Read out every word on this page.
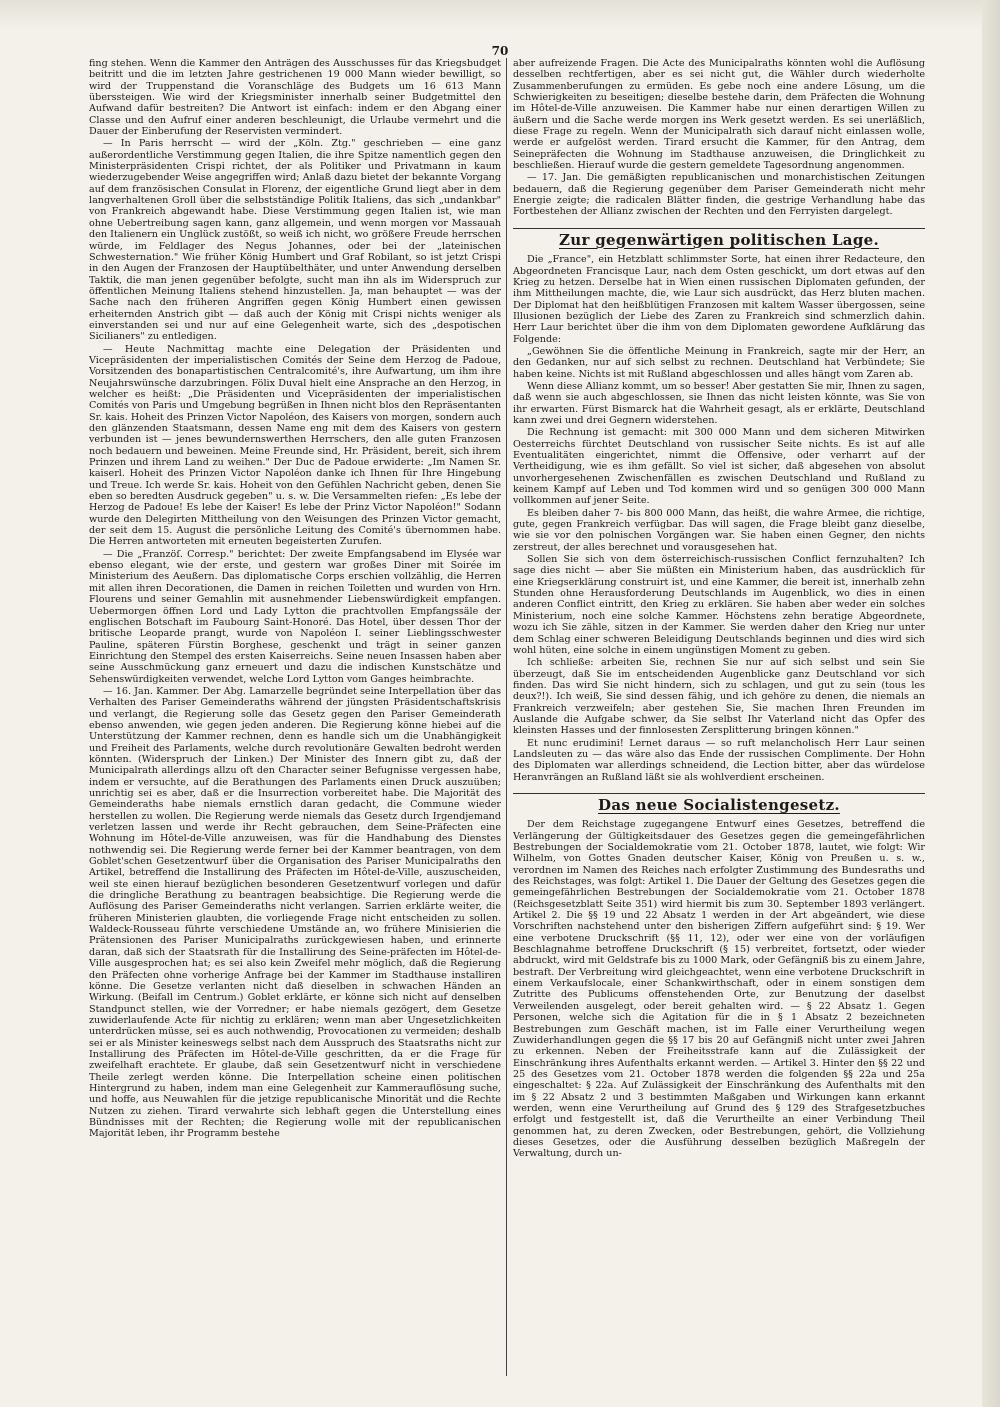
70

fing stehen. Wenn die Kammer den Anträgen des Ausschusses für das Kriegsbudget beitritt und die im letzten Jahre gestrichenen 19 000 Mann wieder bewilligt, so wird der Truppenstand die Voranschläge des Budgets um 16 613 Mann überssteigen. Wie wird der Kriegsminister innerhalb seiner Budgetmittel den Aufwand dafür bestreiten? Die Antwort ist einfach: indem er den Abgang einer Classe und den Aufruf einer anderen beschleunigt, die Urlaube vermehrt und die Dauer der Einberufung der Reservisten vermindert.

— In Paris herrscht — wird der „Köln. Ztg." geschrieben — eine ganz außerordentliche Verstimmung gegen Italien, die ihre Spitze namentlich gegen den Ministerpräsidenten Crispi richtet, der als Politiker und Privatmann in kaum wiederzugebender Weise angegriffen wird; Anlaß dazu bietet der bekannte Vorgang auf dem französischen Consulat in Florenz, der eigentliche Grund liegt aber in dem langverhaltenen Groll über die selbstständige Politik Italiens, das sich „undankbar" von Frankreich abgewandt habe. Diese Verstimmung gegen Italien ist, wie man ohne Uebertreibung sagen kann, ganz allgemein, und wenn morgen vor Massauah den Italienern ein Unglück zustößt, so weiß ich nicht, wo größere Freude herrschen würde, im Feldlager des Negus Johannes, oder bei der „lateinischen Schwesternation." Wie früher König Humbert und Graf Robilant, so ist jetzt Crispi in den Augen der Franzosen der Hauptübelthäter, und unter Anwendung derselben Taktik, die man jenen gegenüber befolgte, sucht man ihn als im Widerspruch zur öffentlichen Meinung Italiens stehend hinzustellen. Ja, man behauptet — was der Sache nach den früheren Angriffen gegen König Humbert einen gewissen erheiternden Anstrich gibt — daß auch der König mit Crispi nichts weniger als einverstanden sei und nur auf eine Gelegenheit warte, sich des „despotischen Sicilianers" zu entledigen.

— Heute Nachmittag machte eine Delegation der Präsidenten und Vicepräsidenten der imperialistischen Comités der Seine dem Herzog de Padoue, Vorsitzenden des bonapartistischen Centralcomité's, ihre Aufwartung, um ihm ihre Neujahrswünsche darzubringen. Fölix Duval hielt eine Ansprache an den Herzog, in welcher es heißt: „Die Präsidenten und Vicepräsidenten der imperialistischen Comités von Paris und Umgebung begrüßen in Ihnen nicht blos den Repräsentanten Sr. kais. Hoheit des Prinzen Victor Napoléon, des Kaisers von morgen, sondern auch den glänzenden Staatsmann, dessen Name eng mit dem des Kaisers von gestern verbunden ist — jenes bewundernswerthen Herrschers, den alle guten Franzosen noch bedauern und beweinen. Meine Freunde sind, Hr. Präsident, bereit, sich ihrem Prinzen und ihrem Land zu weihen." Der Duc de Padoue erwiderte: „Im Namen Sr. kaiserl. Hoheit des Prinzen Victor Napoléon danke ich Ihnen für Ihre Hingebung und Treue. Ich werde Sr. kais. Hoheit von den Gefühlen Nachricht geben, denen Sie eben so beredten Ausdruck gegeben" u. s. w. Die Versammelten riefen: „Es lebe der Herzog de Padoue! Es lebe der Kaiser! Es lebe der Prinz Victor Napoléon!" Sodann wurde den Delegirten Mittheilung von den Weisungen des Prinzen Victor gemacht, der seit dem 15. August die persönliche Leitung des Comité's übernommen habe. Die Herren antworteten mit erneuten begeisterten Zurufen.

— Die „Franzöſ. Corresp." berichtet: Der zweite Empfangsabend im Elysée war ebenso elegant, wie der erste, und gestern war großes Diner mit Soirée im Ministerium des Aeußern. Das diplomatische Corps erschien vollzählig, die Herren mit allen ihren Decorationen, die Damen in reichen Toiletten und wurden von Hrn. Flourens und seiner Gemahlin mit ausnehmender Liebenswürdigkeit empfangen. Uebermorgen öffnen Lord und Lady Lytton die prachtvollen Empfangssäle der englischen Botschaft im Faubourg Saint-Honoré. Das Hotel, über dessen Thor der britische Leoparde prangt, wurde von Napoléon I. seiner Lieblingsschwester Pauline, späteren Fürstin Borghese, geschenkt und trägt in seiner ganzen Einrichtung den Stempel des ersten Kaiserreichs. Seine neuen Insassen haben aber seine Ausschmückung ganz erneuert und dazu die indischen Kunstschätze und Sehenswürdigkeiten verwendet, welche Lord Lytton vom Ganges heimbrachte.

— 16. Jan. Kammer. Der Abg. Lamarzelle begründet seine Interpellation über das Verhalten des Pariser Gemeinderaths während der jüngsten Präsidentschaftskrisis und verlangt, die Regierung solle das Gesetz gegen den Pariser Gemeinderath ebenso anwenden, wie gegen jeden anderen. Die Regierung könne hiebei auf die Unterstützung der Kammer rechnen, denn es handle sich um die Unabhängigkeit und Freiheit des Parlaments, welche durch revolutionäre Gewalten bedroht werden könnten. (Widerspruch der Linken.) Der Minister des Innern gibt zu, daß der Municipalrath allerdings allzu oft den Character seiner Befugnisse vergessen habe, indem er versuchte, auf die Berathungen des Parlaments einen Druck auszuüben; unrichtig sei es aber, daß er die Insurrection vorbereitet habe. Die Majorität des Gemeinderaths habe niemals ernstlich daran gedacht, die Commune wieder herstellen zu wollen. Die Regierung werde niemals das Gesetz durch Irgendjemand verletzen lassen und werde ihr Recht gebrauchen, dem Seine-Präfecten eine Wohnung im Hôtel-de-Ville anzuweisen, was für die Handhabung des Dienstes nothwendig sei. Die Regierung werde ferner bei der Kammer beantragen, von dem Goblet'schen Gesetzentwurf über die Organisation des Pariser Municipalraths den Artikel, betreffend die Installirung des Präfecten im Hôtel-de-Ville, auszuscheiden, weil ste einen hierauf bezüglichen besonderen Gesetzentwurf vorlegen und dafür die dringliche Berathung zu beantragen beabsichtige. Die Regierung werde die Auflösung des Pariser Gemeinderaths nicht verlangen. Sarrien erklärte weiter, die früheren Ministerien glaubten, die vorliegende Frage nicht entscheiden zu sollen. Waldeck-Rousseau führte verschiedene Umstände an, wo frühere Minisierien die Prätensionen des Pariser Municipalraths zurückgewiesen haben, und erinnerte daran, daß sich der Staatsrath für die Installirung des Seine-präfecten im Hôtel-de-Ville ausgesprochen hat; es sei also kein Zweifel mehr möglich, daß die Regierung den Präfecten ohne vorherige Anfrage bei der Kammer im Stadthause installiren könne. Die Gesetze verlanten nicht daß dieselben in schwachen Händen an Wirkung. (Beifall im Centrum.) Goblet erklärte, er könne sich nicht auf denselben Standpunct stellen, wie der Vorredner; er habe niemals gezögert, dem Gesetze zuwiderlaufende Acte für nichtig zu erklären; wenn man aber Ungesetzlichkeiten unterdrücken müsse, sei es auch nothwendig, Provocationen zu vermeiden; deshalb sei er als Minister keineswegs selbst nach dem Ausspruch des Staatsraths nicht zur Installirung des Präfecten im Hôtel-de-Ville geschritten, da er die Frage für zweifelhaft erachtete. Er glaube, daß sein Gesetzentwurf nicht in verschiedene Theile zerlegt werden könne. Die Interpellation scheine einen politischen Hintergrund zu haben, indem man eine Gelegenheit zur Kammerauflösung suche, und hoffe, aus Neuwahlen für die jetzige republicanische Minorität und die Rechte Nutzen zu ziehen. Tirard verwahrte sich lebhaft gegen die Unterstellung eines Bündnisses mit der Rechten; die Regierung wolle mit der republicanischen Majorität leben, ihr Programm bestehe

aber aufreizende Fragen. Die Acte des Municipalraths könnten wohl die Auflösung desselben rechtfertigen, aber es sei nicht gut, die Wähler durch wiederholte Zusammenberufungen zu ermüden. Es gebe noch eine andere Lösung, um die Schwierigkeiten zu beseitigen; dieselbe bestehe darin, dem Präfecten die Wohnung im Hôtel-de-Ville anzuweisen. Die Kammer habe nur einen derartigen Willen zu äußern und die Sache werde morgen ins Werk gesetzt werden. Es sei unerläßlich, diese Frage zu regeln. Wenn der Municipalrath sich darauf nicht einlassen wolle, werde er aufgelöst werden. Tirard ersucht die Kammer, für den Antrag, dem Seinepräfecten die Wohnung im Stadthause anzuweisen, die Dringlichkeit zu beschließen. Hierauf wurde die gestern gemeldete Tagesordnung angenommen.

— 17. Jan. Die gemäßigten republicanischen und monarchistischen Zeitungen bedauern, daß die Regierung gegenüber dem Pariser Gemeinderath nicht mehr Energie zeigte; die radicalen Blätter finden, die gestrige Verhandlung habe das Fortbestehen der Allianz zwischen der Rechten und den Ferryisten dargelegt.

Zur gegenwärtigen politischen Lage.

Die „France", ein Hetzblatt schlimmster Sorte, hat einen ihrer Redacteure, den Abgeordneten Francisque Laur, nach dem Osten geschickt, um dort etwas auf den Krieg zu hetzen. Derselbe hat in Wien einen russischen Diplomaten gefunden, der ihm Mittheilungen machte, die, wie Laur sich ausdrückt, das Herz bluten machen. Der Diplomat hat den heißblütigen Franzosen mit kaltem Wasser übergossen, seine Illusionen bezüglich der Liebe des Zaren zu Frankreich sind schmerzlich dahin. Herr Laur berichtet über die ihm von dem Diplomaten gewordene Aufklärung das Folgende:

„Gewöhnen Sie die öffentliche Meinung in Frankreich, sagte mir der Herr, an den Gedanken, nur auf sich selbst zu rechnen. Deutschland hat Verbündete; Sie haben keine. Nichts ist mit Rußland abgeschlossen und alles hängt vom Zaren ab.

Wenn diese Allianz kommt, um so besser! Aber gestatten Sie mir, Ihnen zu sagen, daß wenn sie auch abgeschlossen, sie Ihnen das nicht leisten könnte, was Sie von ihr erwarten. Fürst Bismarck hat die Wahrheit gesagt, als er erklärte, Deutschland kann zwei und drei Gegnern widerstehen.

Die Rechnung ist gemacht: mit 300 000 Mann und dem sicheren Mitwirken Oesterreichs fürchtet Deutschland von russischer Seite nichts. Es ist auf alle Eventualitäten eingerichtet, nimmt die Offensive, oder verharrt auf der Vertheidigung, wie es ihm gefällt. So viel ist sicher, daß abgesehen von absolut unvorhergesehenen Zwischenfällen es zwischen Deutschland und Rußland zu keinem Kampf auf Leben und Tod kommen wird und so genügen 300 000 Mann vollkommen auf jener Seite.

Es bleiben daher 7- bis 800 000 Mann, das heißt, die wahre Armee, die richtige, gute, gegen Frankreich verfügbar. Das will sagen, die Frage bleibt ganz dieselbe, wie sie vor den polnischen Vorgängen war. Sie haben einen Gegner, den nichts zerstreut, der alles berechnet und vorausgesehen hat.

Sollen Sie sich von dem österreichisch-russischen Conflict fernzuhalten? Ich sage dies nicht — aber Sie müßten ein Ministerium haben, das ausdrücklich für eine Kriegserklärung construirt ist, und eine Kammer, die bereit ist, innerhalb zehn Stunden ohne Herausforderung Deutschlands im Augenblick, wo dies in einen anderen Conflict eintritt, den Krieg zu erklären. Sie haben aber weder ein solches Ministerium, noch eine solche Kammer. Höchstens zehn beratige Abgeordnete, wozu ich Sie zähle, sitzen in der Kammer. Sie werden daher den Krieg nur unter dem Schlag einer schweren Beleidigung Deutschlands beginnen und dies wird sich wohl hüten, eine solche in einem ungünstigen Moment zu geben.

Ich schließe: arbeiten Sie, rechnen Sie nur auf sich selbst und sein Sie überzeugt, daß Sie im entscheidenden Augenblicke ganz Deutschland vor sich finden. Das wird Sie nicht hindern, sich zu schlagen, und gut zu sein (tous les deux?!). Ich weiß, Sie sind dessen fähig, und ich gehöre zu denen, die niemals an Frankreich verzweifeln; aber gestehen Sie, Sie machen Ihren Freunden im Auslande die Aufgabe schwer, da Sie selbst Ihr Vaterland nicht das Opfer des kleinsten Hasses und der finnlosesten Zersplitterung bringen können."

Et nunc erudimini! Lernet daraus — so ruft melancholisch Herr Laur seinen Landsleuten zu — das wäre also das Ende der russischen Complimente. Der Hohn des Diplomaten war allerdings schneidend, die Lection bitter, aber das würdelose Heranvrängen an Rußland läßt sie als wohlverdient erscheinen.

Das neue Socialistengesetz.

Der dem Reichstage zugegangene Entwurf eines Gesetzes, betreffend die Verlängerung der Gültigkeitsdauer des Gesetzes gegen die gemeingefährlichen Bestrebungen der Socialdemokratie vom 21. October 1878, lautet, wie folgt: Wir Wilhelm, von Gottes Gnaden deutscher Kaiser, König von Preußen u. s. w., verordnen im Namen des Reiches nach erfolgter Zustimmung des Bundesraths und des Reichstages, was folgt: Artikel 1. Die Dauer der Geltung des Gesetzes gegen die gemeingefährlichen Bestrebungen der Socialdemokratie vom 21. October 1878 (Reichsgesetzblatt Seite 351) wird hiermit bis zum 30. September 1893 verlängert. Artikel 2. Die §§ 19 und 22 Absatz 1 werden in der Art abgeändert, wie diese Vorschriften nachstehend unter den bisherigen Ziffern aufgeführt sind: § 19. Wer eine verbotene Druckschrift (§§ 11, 12), oder wer eine von der vorläufigen Beschlagnahme betroffene Druckschrift (§ 15) verbreitet, fortsetzt, oder wieder abdruckt, wird mit Geldstrafe bis zu 1000 Mark, oder Gefängniß bis zu einem Jahre, bestraft. Der Verbreitung wird gleichgeachtet, wenn eine verbotene Druckschrift in einem Verkaufslocale, einer Schankwirthschaft, oder in einem sonstigen dem Zutritte des Publicums offenstehenden Orte, zur Benutzung der daselbst Verweilenden ausgelegt, oder bereit gehalten wird. — § 22 Absatz 1. Gegen Personen, welche sich die Agitation für die in § 1 Absatz 2 bezeichneten Bestrebungen zum Geschäft machen, ist im Falle einer Verurtheilung wegen Zuwiderhandlungen gegen die §§ 17 bis 20 auf Gefängniß nicht unter zwei Jahren zu erkennen. Neben der Freiheitsstrafe kann auf die Zulässigkeit der Einschränkung ihres Aufenthalts erkannt werden. — Artikel 3. Hinter den §§ 22 und 25 des Gesetzes vom 21. October 1878 werden die folgenden §§ 22a und 25a eingeschaltet: § 22a. Auf Zulässigkeit der Einschränkung des Aufenthalts mit den im § 22 Absatz 2 und 3 bestimmten Maßgaben und Wirkungen kann erkannt werden, wenn eine Verurtheilung auf Grund des § 129 des Strafgesetzbuches erfolgt und festgestellt ist, daß die Verurtheilte an einer Verbindung Theil genommen hat, zu deren Zwecken, oder Bestrebungen, gehört, die Vollziehung dieses Gesetzes, oder die Ausführung desselben bezüglich Maßregeln der Verwaltung, durch un-
